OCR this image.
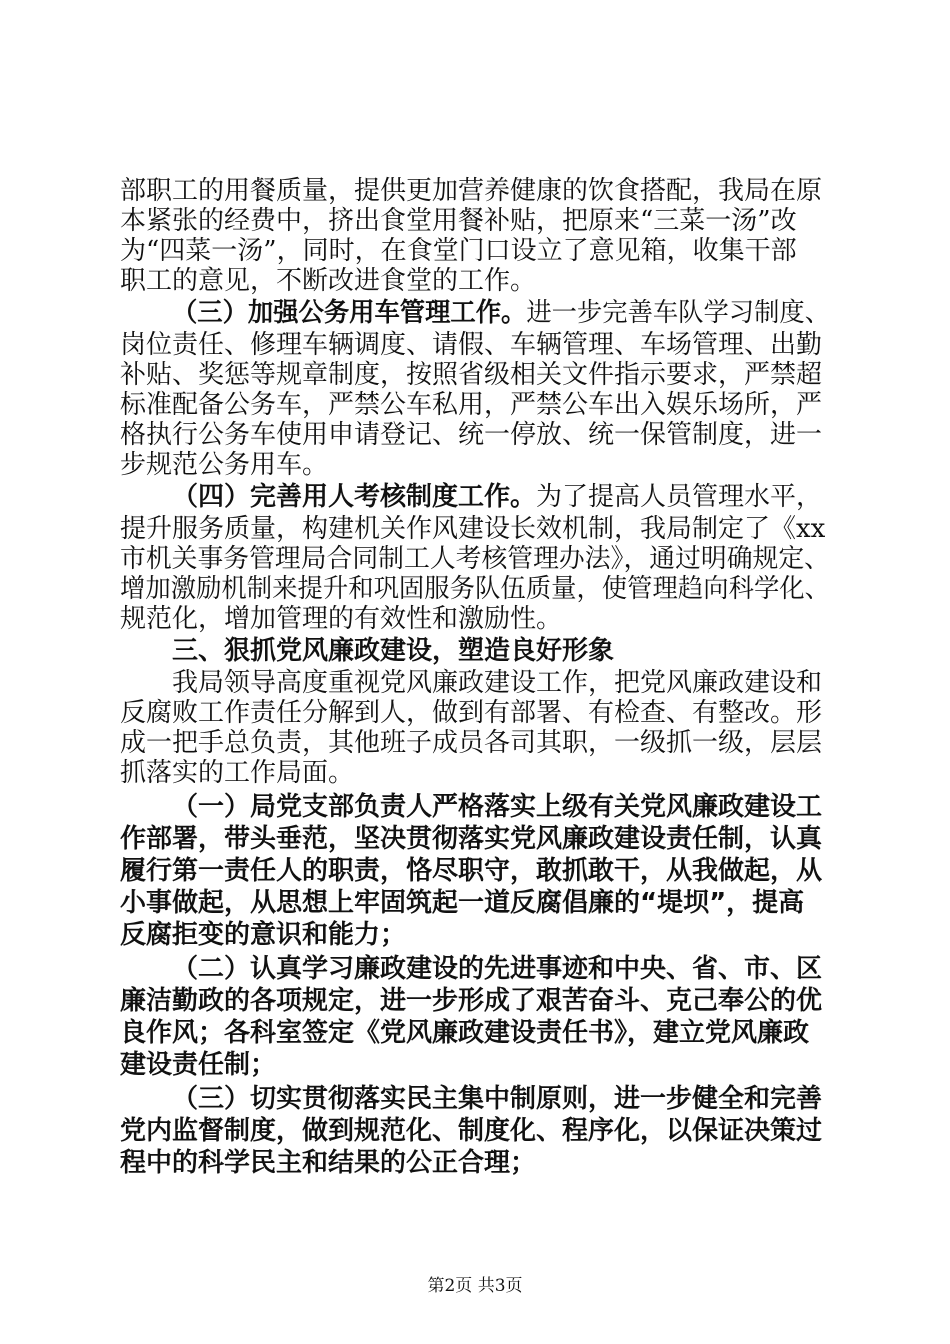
部职工的用餐质量，提供更加营养健康的饮食搭配，我局在原
本紧张的经费中，挤出食堂用餐补贴，把原来“三菜一汤”改
为“四菜一汤”，同时，在食堂门口设立了意见箱，收集干部
职工的意见，不断改进食堂的工作。
（三）加强公务用车管理工作。进一步完善车队学习制度、
岗位责任、修理车辆调度、请假、车辆管理、车场管理、出勤
补贴、奖惩等规章制度，按照省级相关文件指示要求，严禁超
标准配备公务车，严禁公车私用，严禁公车出入娱乐场所，严
格执行公务车使用申请登记、统一停放、统一保管制度，进一
步规范公务用车。
（四）完善用人考核制度工作。为了提高人员管理水平，
提升服务质量，构建机关作风建设长效机制，我局制定了《xx
市机关事务管理局合同制工人考核管理办法》，通过明确规定、
增加激励机制来提升和巩固服务队伍质量，使管理趋向科学化、
规范化，增加管理的有效性和激励性。
三、狠抓党风廉政建设，塑造良好形象
我局领导高度重视党风廉政建设工作，把党风廉政建设和
反腐败工作责任分解到人，做到有部署、有检查、有整改。形
成一把手总负责，其他班子成员各司其职，一级抓一级，层层
抓落实的工作局面。
（一）局党支部负责人严格落实上级有关党风廉政建设工
作部署，带头垂范，坚决贯彻落实党风廉政建设责任制，认真
履行第一责任人的职责，恪尽职守，敢抓敢干，从我做起，从
小事做起，从思想上牢固筑起一道反腐倡廉的“堤坝”，提高
反腐拒变的意识和能力；
（二）认真学习廉政建设的先进事迹和中央、省、市、区
廉洁勤政的各项规定，进一步形成了艰苦奋斗、克己奉公的优
良作风；各科室签定《党风廉政建设责任书》，建立党风廉政
建设责任制；
（三）切实贯彻落实民主集中制原则，进一步健全和完善
党内监督制度，做到规范化、制度化、程序化，以保证决策过
程中的科学民主和结果的公正合理；
第2页 共3页
